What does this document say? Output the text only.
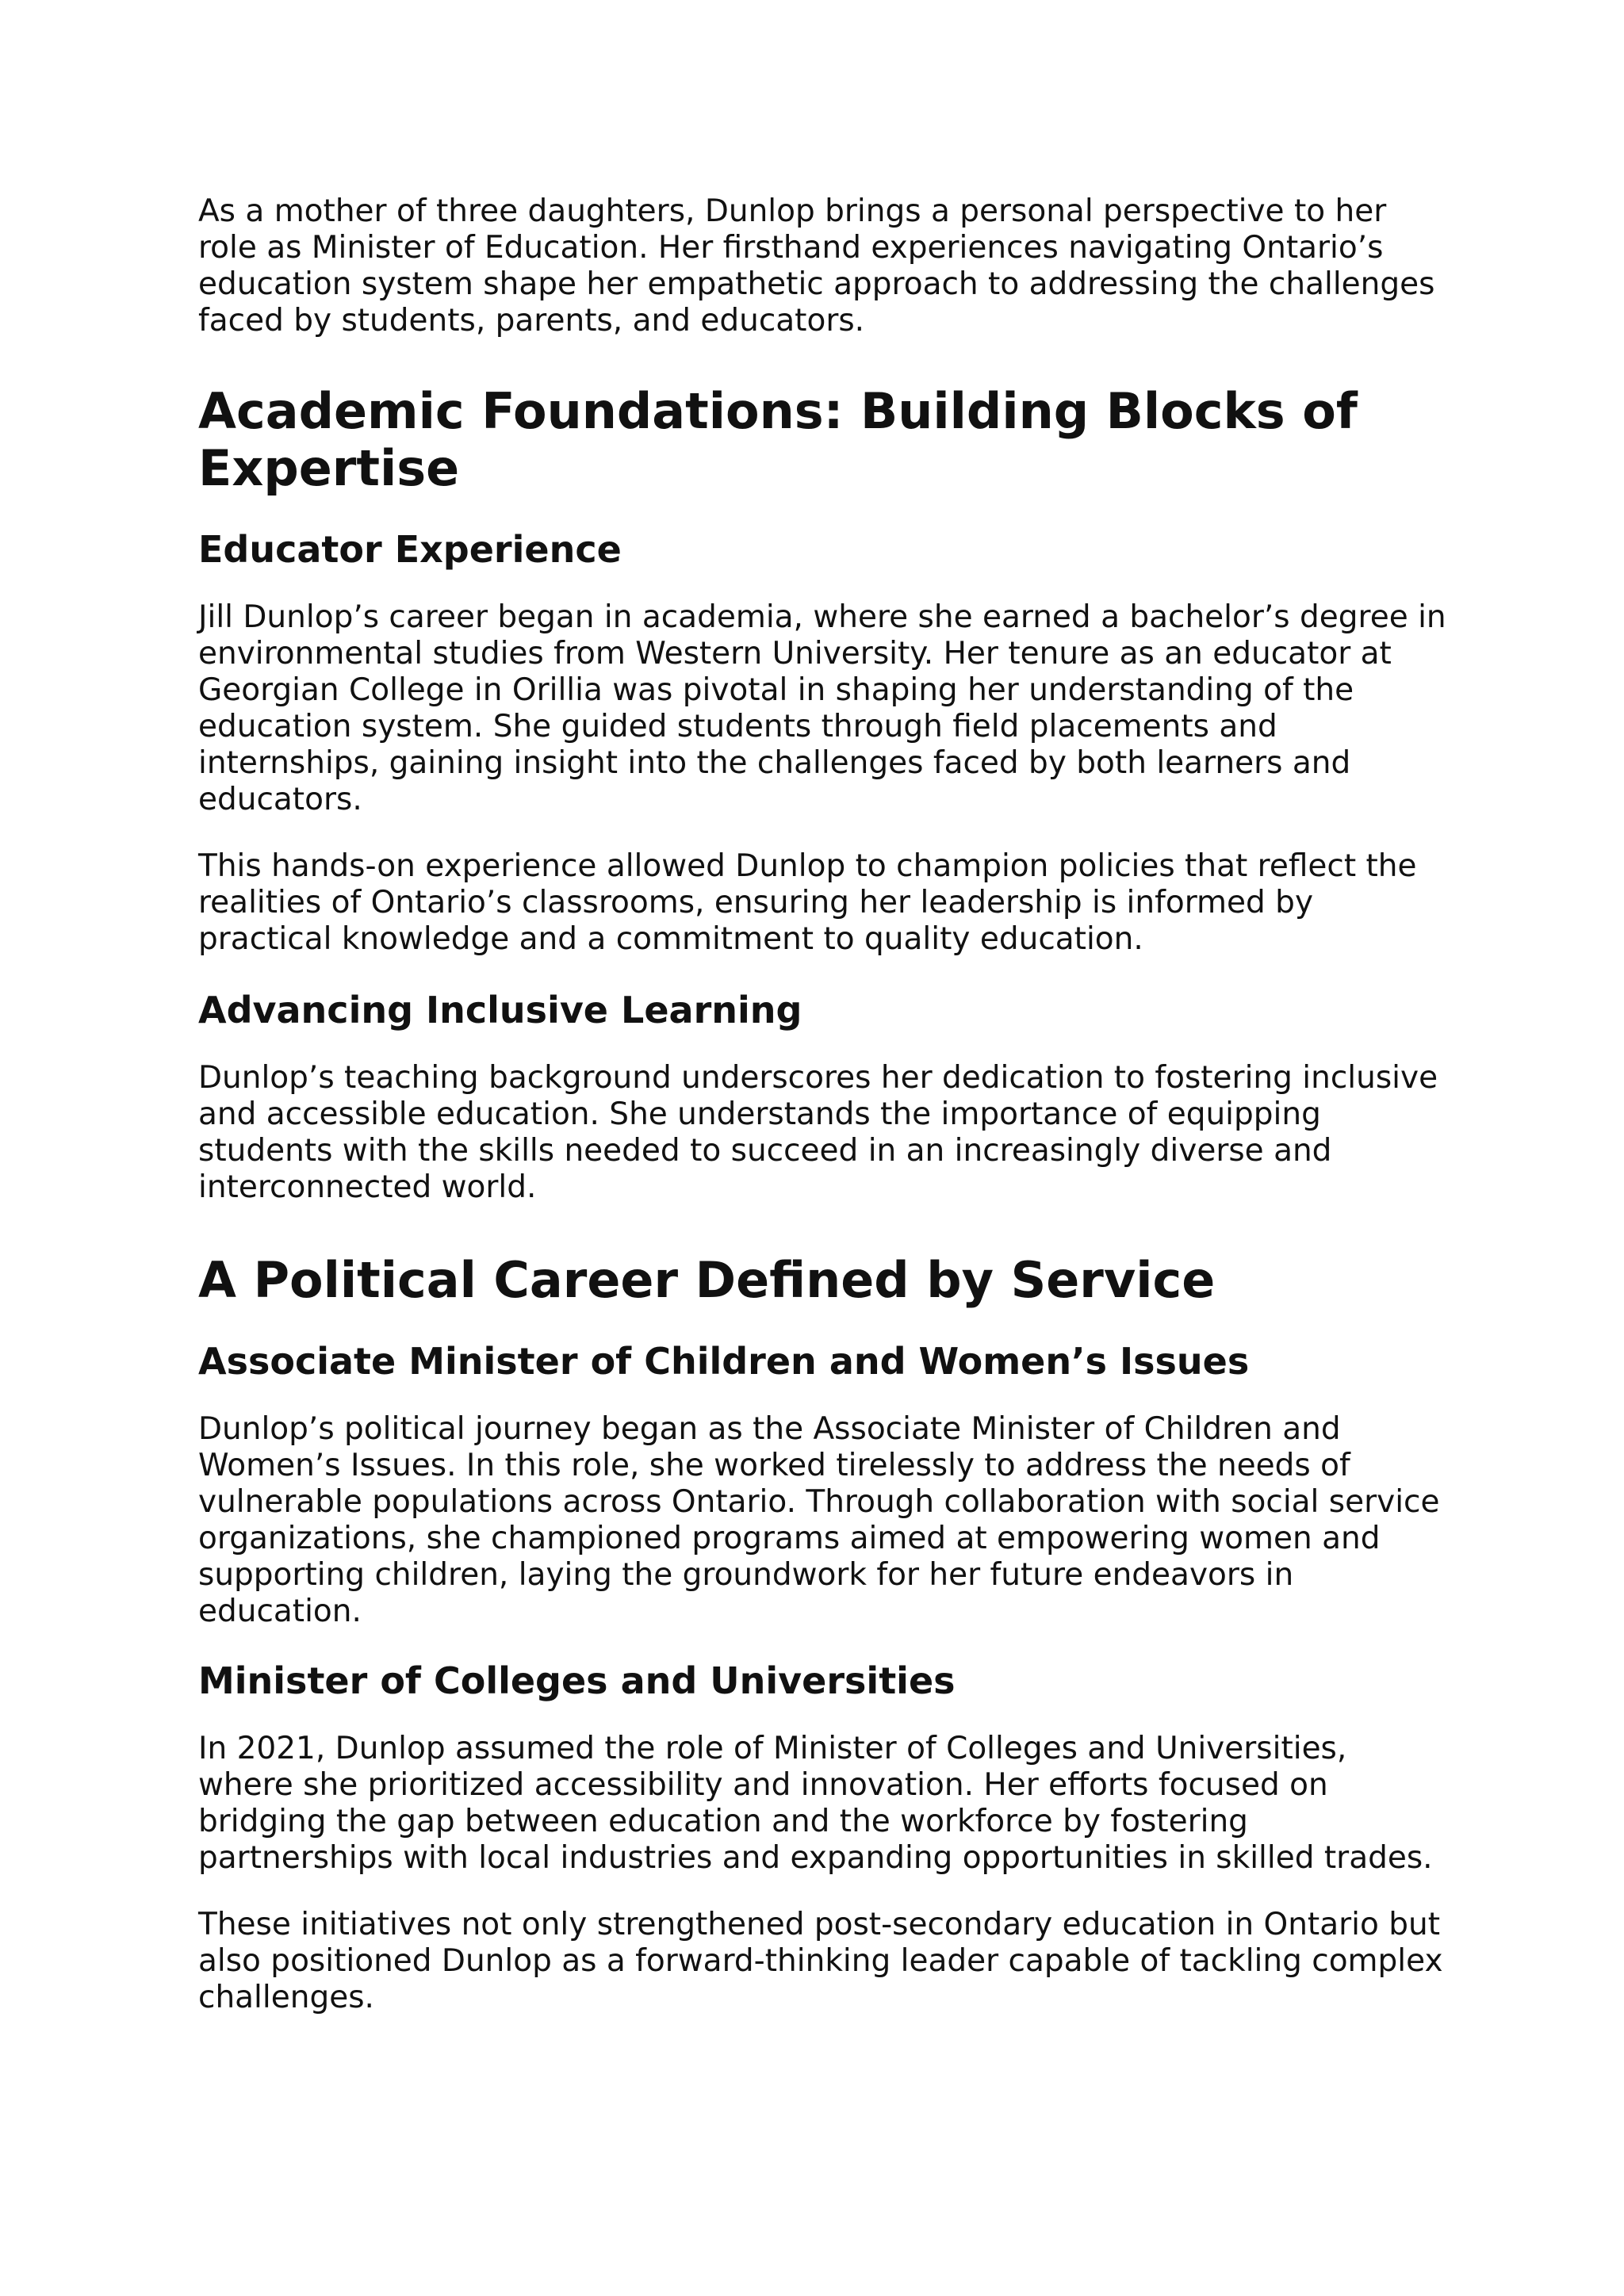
As a mother of three daughters, Dunlop brings a personal perspective to her role as Minister of Education. Her firsthand experiences navigating Ontario’s education system shape her empathetic approach to addressing the challenges faced by students, parents, and educators.

Academic Foundations: Building Blocks of Expertise
Educator Experience

Jill Dunlop’s career began in academia, where she earned a bachelor’s degree in environmental studies from Western University. Her tenure as an educator at Georgian College in Orillia was pivotal in shaping her understanding of the education system. She guided students through field placements and internships, gaining insight into the challenges faced by both learners and educators.

This hands-on experience allowed Dunlop to champion policies that reflect the realities of Ontario’s classrooms, ensuring her leadership is informed by practical knowledge and a commitment to quality education.

Advancing Inclusive Learning

Dunlop’s teaching background underscores her dedication to fostering inclusive and accessible education. She understands the importance of equipping students with the skills needed to succeed in an increasingly diverse and interconnected world.

A Political Career Defined by Service
Associate Minister of Children and Women’s Issues

Dunlop’s political journey began as the Associate Minister of Children and Women’s Issues. In this role, she worked tirelessly to address the needs of vulnerable populations across Ontario. Through collaboration with social service organizations, she championed programs aimed at empowering women and supporting children, laying the groundwork for her future endeavors in education.

Minister of Colleges and Universities

In 2021, Dunlop assumed the role of Minister of Colleges and Universities, where she prioritized accessibility and innovation. Her efforts focused on bridging the gap between education and the workforce by fostering partnerships with local industries and expanding opportunities in skilled trades.

These initiatives not only strengthened post-secondary education in Ontario but also positioned Dunlop as a forward-thinking leader capable of tackling complex challenges.
